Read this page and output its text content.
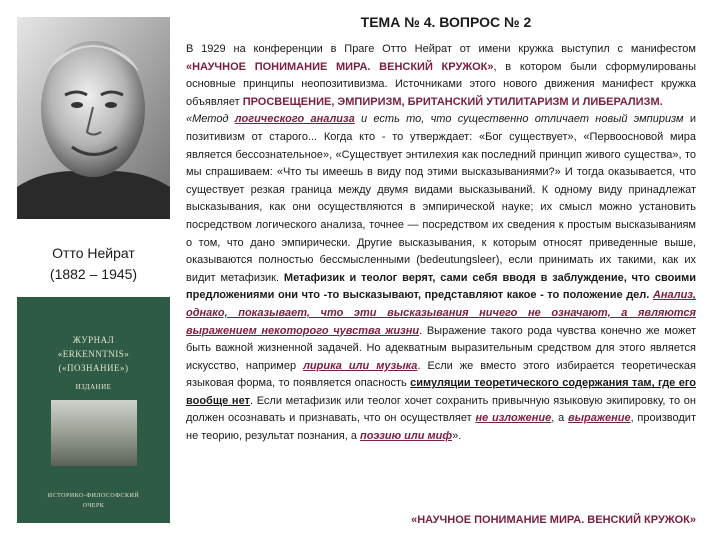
Отто Нейрат
(1882 – 1945)
ЖУРНАЛ
«ERKENNTNIS»
(«ПОЗНАНИЕ»)
ИЗДАНИЕ
ИСТОРИКО-ФИЛОСОФСКИЙ
ОЧЕРК
ТЕМА № 4. ВОПРОС № 2

В 1929 на конференции в Праге Отто Нейрат от имени кружка выступил с манифестом «НАУЧНОЕ ПОНИМАНИЕ МИРА. ВЕНСКИЙ КРУЖОК», в котором были сформулированы основные принципы неопозитивизма. Источниками этого нового движения манифест кружка объявляет ПРОСВЕЩЕНИЕ, ЭМПИРИЗМ, БРИТАНСКИЙ УТИЛИТАРИЗМ И ЛИБЕРАЛИЗМ.

«Метод логического анализа и есть то, что существенно отличает новый эмпиризм и позитивизм от старого... Когда кто - то утверждает: «Бог существует», «Первоосновой мира является бессознательное», «Существует энтилехия как последний принцип живого существа», то мы спрашиваем: «Что ты имеешь в виду под этими высказываниями?» И тогда оказывается, что существует резкая граница между двумя видами высказываний. К одному виду принадлежат высказывания, как они осуществляются в эмпирической науке; их смысл можно установить посредством логического анализа, точнее — посредством их сведения к простым высказываниям о том, что дано эмпирически. Другие высказывания, к которым относят приведенные выше, оказываются полностью бессмысленными (bedeutungsleer), если принимать их такими, как их видит метафизик. Метафизик и теолог верят, сами себя вводя в заблуждение, что своими предложениями они что -то высказывают, представляют какое - то положение дел. Анализ, однако, показывает, что эти высказывания ничего не означают, а являются выражением некоторого чувства жизни. Выражение такого рода чувства конечно же может быть важной жизненной задачей. Но адекватным выразительным средством для этого является искусство, например лирика или музыка. Если же вместо этого избирается теоретическая языковая форма, то появляется опасность симуляции теоретического содержания там, где его вообще нет. Если метафизик или теолог хочет сохранить привычную языковую экипировку, то он должен осознавать и признавать, что он осуществляет не изложение, а выражение, производит не теорию, результат познания, а поэзию или миф».

«НАУЧНОЕ ПОНИМАНИЕ МИРА. ВЕНСКИЙ КРУЖОК»
